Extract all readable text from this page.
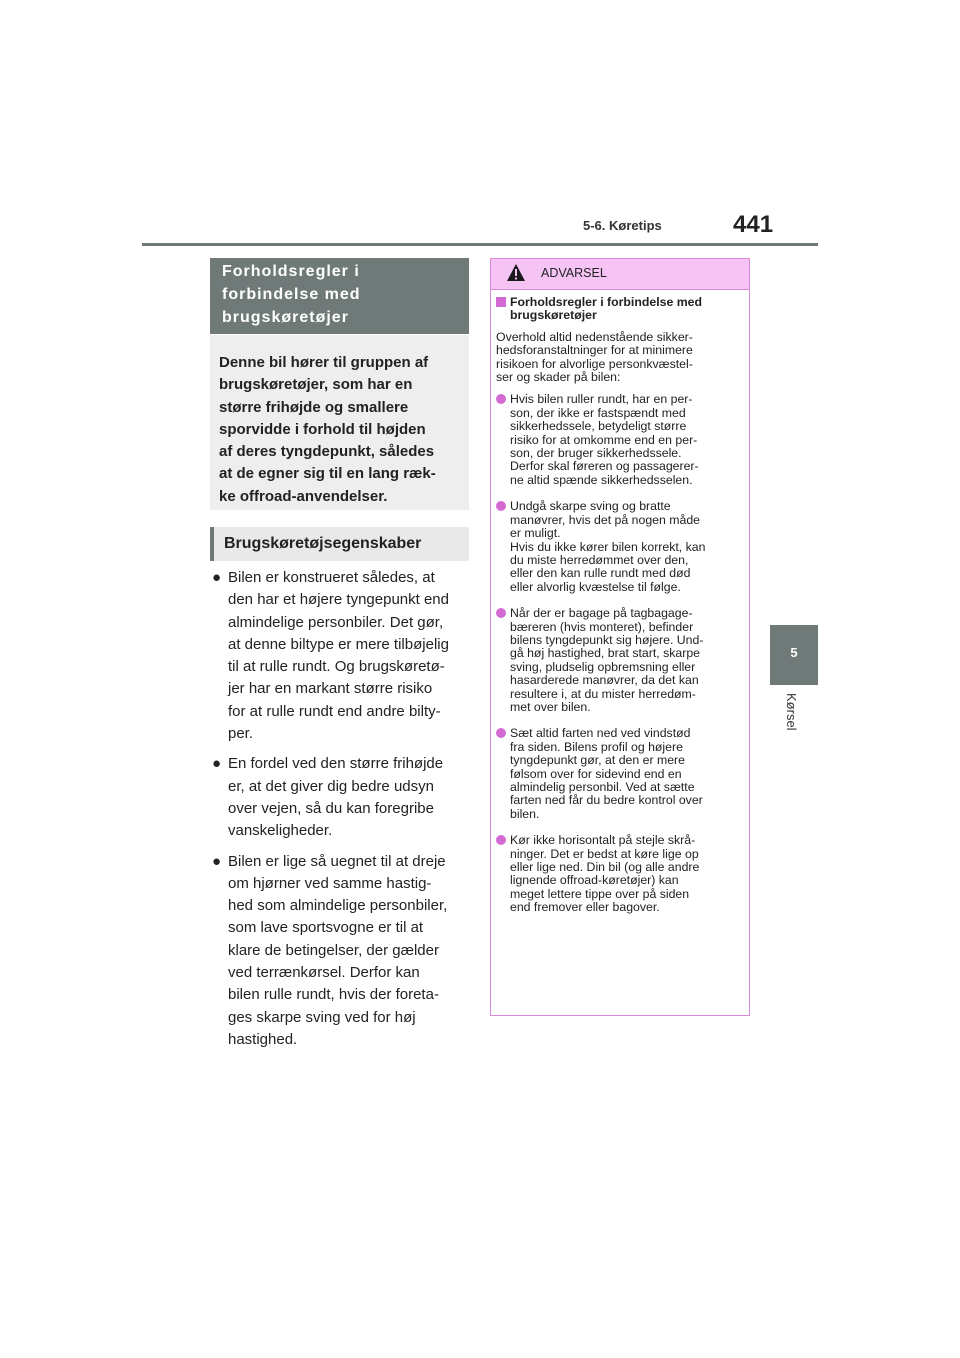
5-6. Køretips	441
5
Kørsel
Forholdsregler i
forbindelse med
brugskøretøjer
Denne bil hører til gruppen af
brugskøretøjer, som har en
større frihøjde og smallere
sporvidde i forhold til højden
af deres tyngdepunkt, således
at de egner sig til en lang ræk-
ke offroad-anvendelser.
Brugskøretøjsegenskaber
● Bilen er konstrueret således, at
den har et højere tyngepunkt end
almindelige personbiler. Det gør,
at denne biltype er mere tilbøjelig
til at rulle rundt. Og brugskøretø-
jer har en markant større risiko
for at rulle rundt end andre bilty-
per.
● En fordel ved den større frihøjde
er, at det giver dig bedre udsyn
over vejen, så du kan foregribe
vanskeligheder.
● Bilen er lige så uegnet til at dreje
om hjørner ved samme hastig-
hed som almindelige personbiler,
som lave sportsvogne er til at
klare de betingelser, der gælder
ved terrænkørsel. Derfor kan
bilen rulle rundt, hvis der foreta-
ges skarpe sving ved for høj
hastighed.
ADVARSEL
Forholdsregler i forbindelse med
brugskøretøjer
Overhold altid nedenstående sikker-
hedsforanstaltninger for at minimere
risikoen for alvorlige personkvæstel-
ser og skader på bilen:
Hvis bilen ruller rundt, har en per-
son, der ikke er fastspændt med
sikkerhedssele, betydeligt større
risiko for at omkomme end en per-
son, der bruger sikkerhedssele.
Derfor skal føreren og passagerer-
ne altid spænde sikkerhedsselen.
Undgå skarpe sving og bratte
manøvrer, hvis det på nogen måde
er muligt.
Hvis du ikke kører bilen korrekt, kan
du miste herredømmet over den,
eller den kan rulle rundt med død
eller alvorlig kvæstelse til følge.
Når der er bagage på tagbagage-
bæreren (hvis monteret), befinder
bilens tyngdepunkt sig højere. Und-
gå høj hastighed, brat start, skarpe
sving, pludselig opbremsning eller
hasarderede manøvrer, da det kan
resultere i, at du mister herredøm-
met over bilen.
Sæt altid farten ned ved vindstød
fra siden. Bilens profil og højere
tyngdepunkt gør, at den er mere
følsom over for sidevind end en
almindelig personbil. Ved at sætte
farten ned får du bedre kontrol over
bilen.
Kør ikke horisontalt på stejle skrå-
ninger. Det er bedst at køre lige op
eller lige ned. Din bil (og alle andre
lignende offroad-køretøjer) kan
meget lettere tippe over på siden
end fremover eller bagover.
